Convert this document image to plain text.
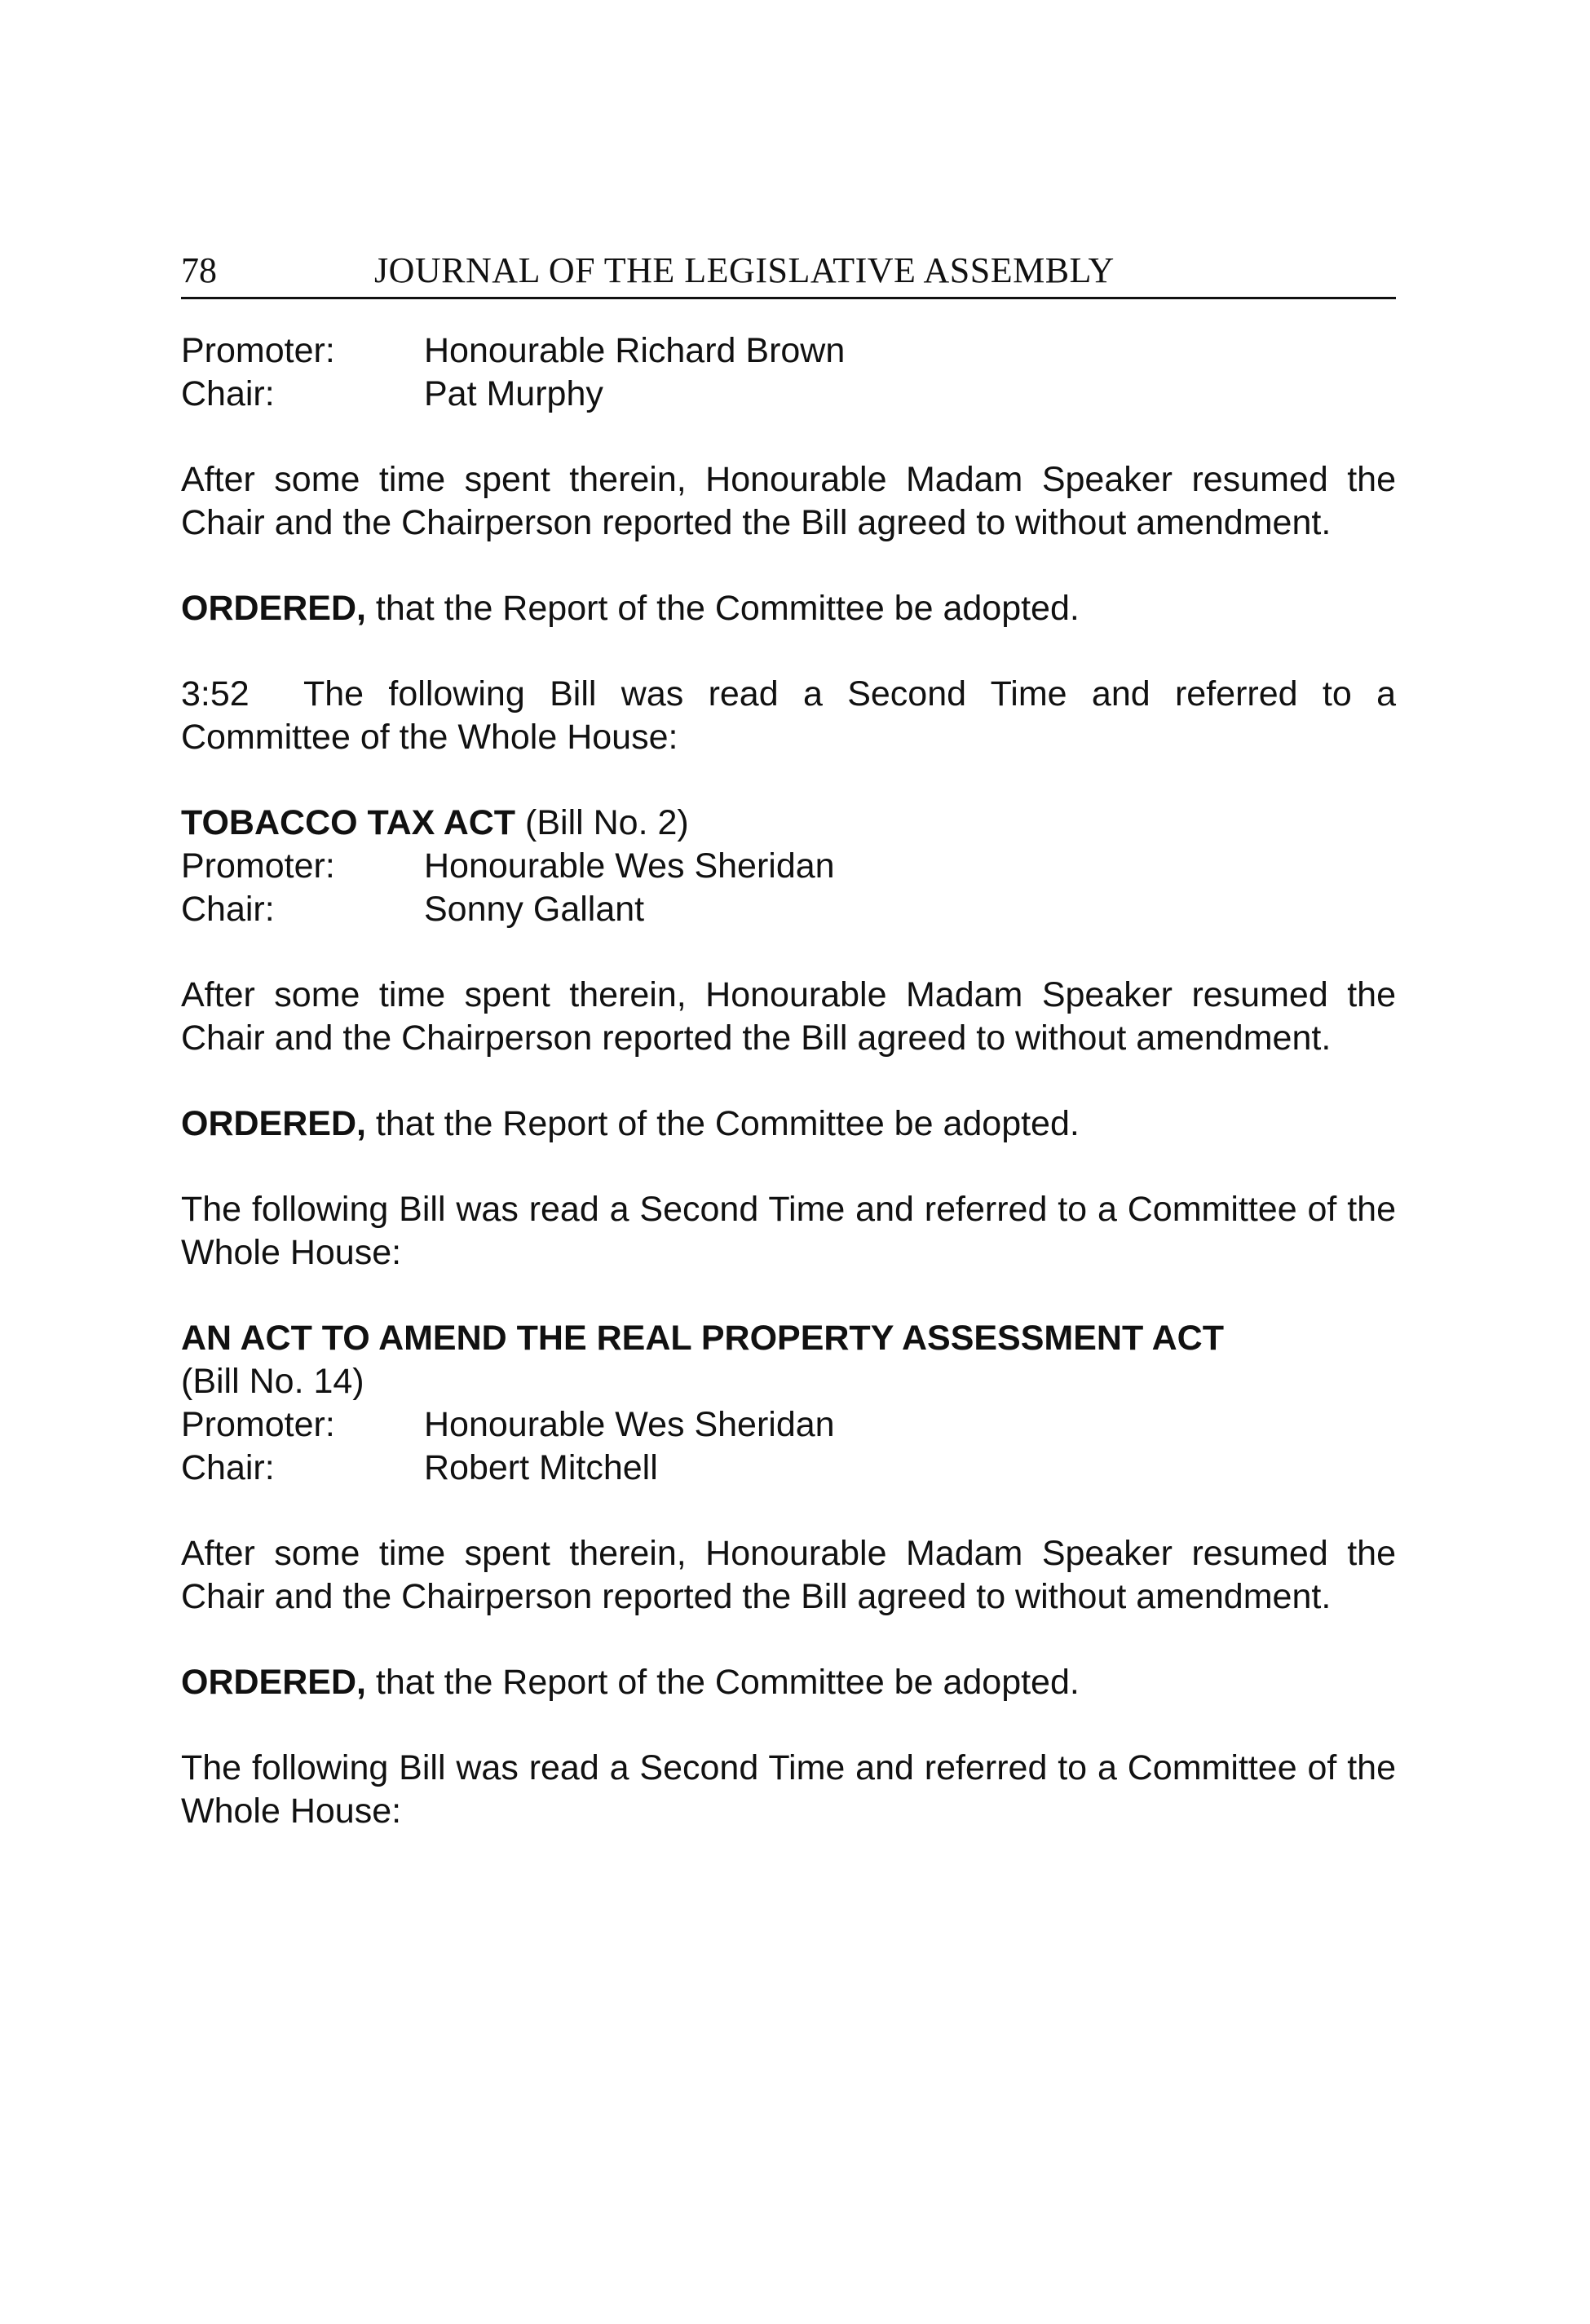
78	JOURNAL OF THE LEGISLATIVE ASSEMBLY
Promoter:	Honourable Richard Brown
Chair:	Pat Murphy

After some time spent therein, Honourable Madam Speaker resumed the Chair and the Chairperson reported the Bill agreed to without amendment.

ORDERED, that the Report of the Committee be adopted.

3:52 The following Bill was read a Second Time and referred to a Committee of the Whole House:

TOBACCO TAX ACT (Bill No. 2)

Promoter:	Honourable Wes Sheridan
Chair:	Sonny Gallant

After some time spent therein, Honourable Madam Speaker resumed the Chair and the Chairperson reported the Bill agreed to without amendment.

ORDERED, that the Report of the Committee be adopted.

The following Bill was read a Second Time and referred to a Committee of the Whole House:

AN ACT TO AMEND THE REAL PROPERTY ASSESSMENT ACT

(Bill No. 14)

Promoter:	Honourable Wes Sheridan
Chair:	Robert Mitchell

After some time spent therein, Honourable Madam Speaker resumed the Chair and the Chairperson reported the Bill agreed to without amendment.

ORDERED, that the Report of the Committee be adopted.

The following Bill was read a Second Time and referred to a Committee of the Whole House:
